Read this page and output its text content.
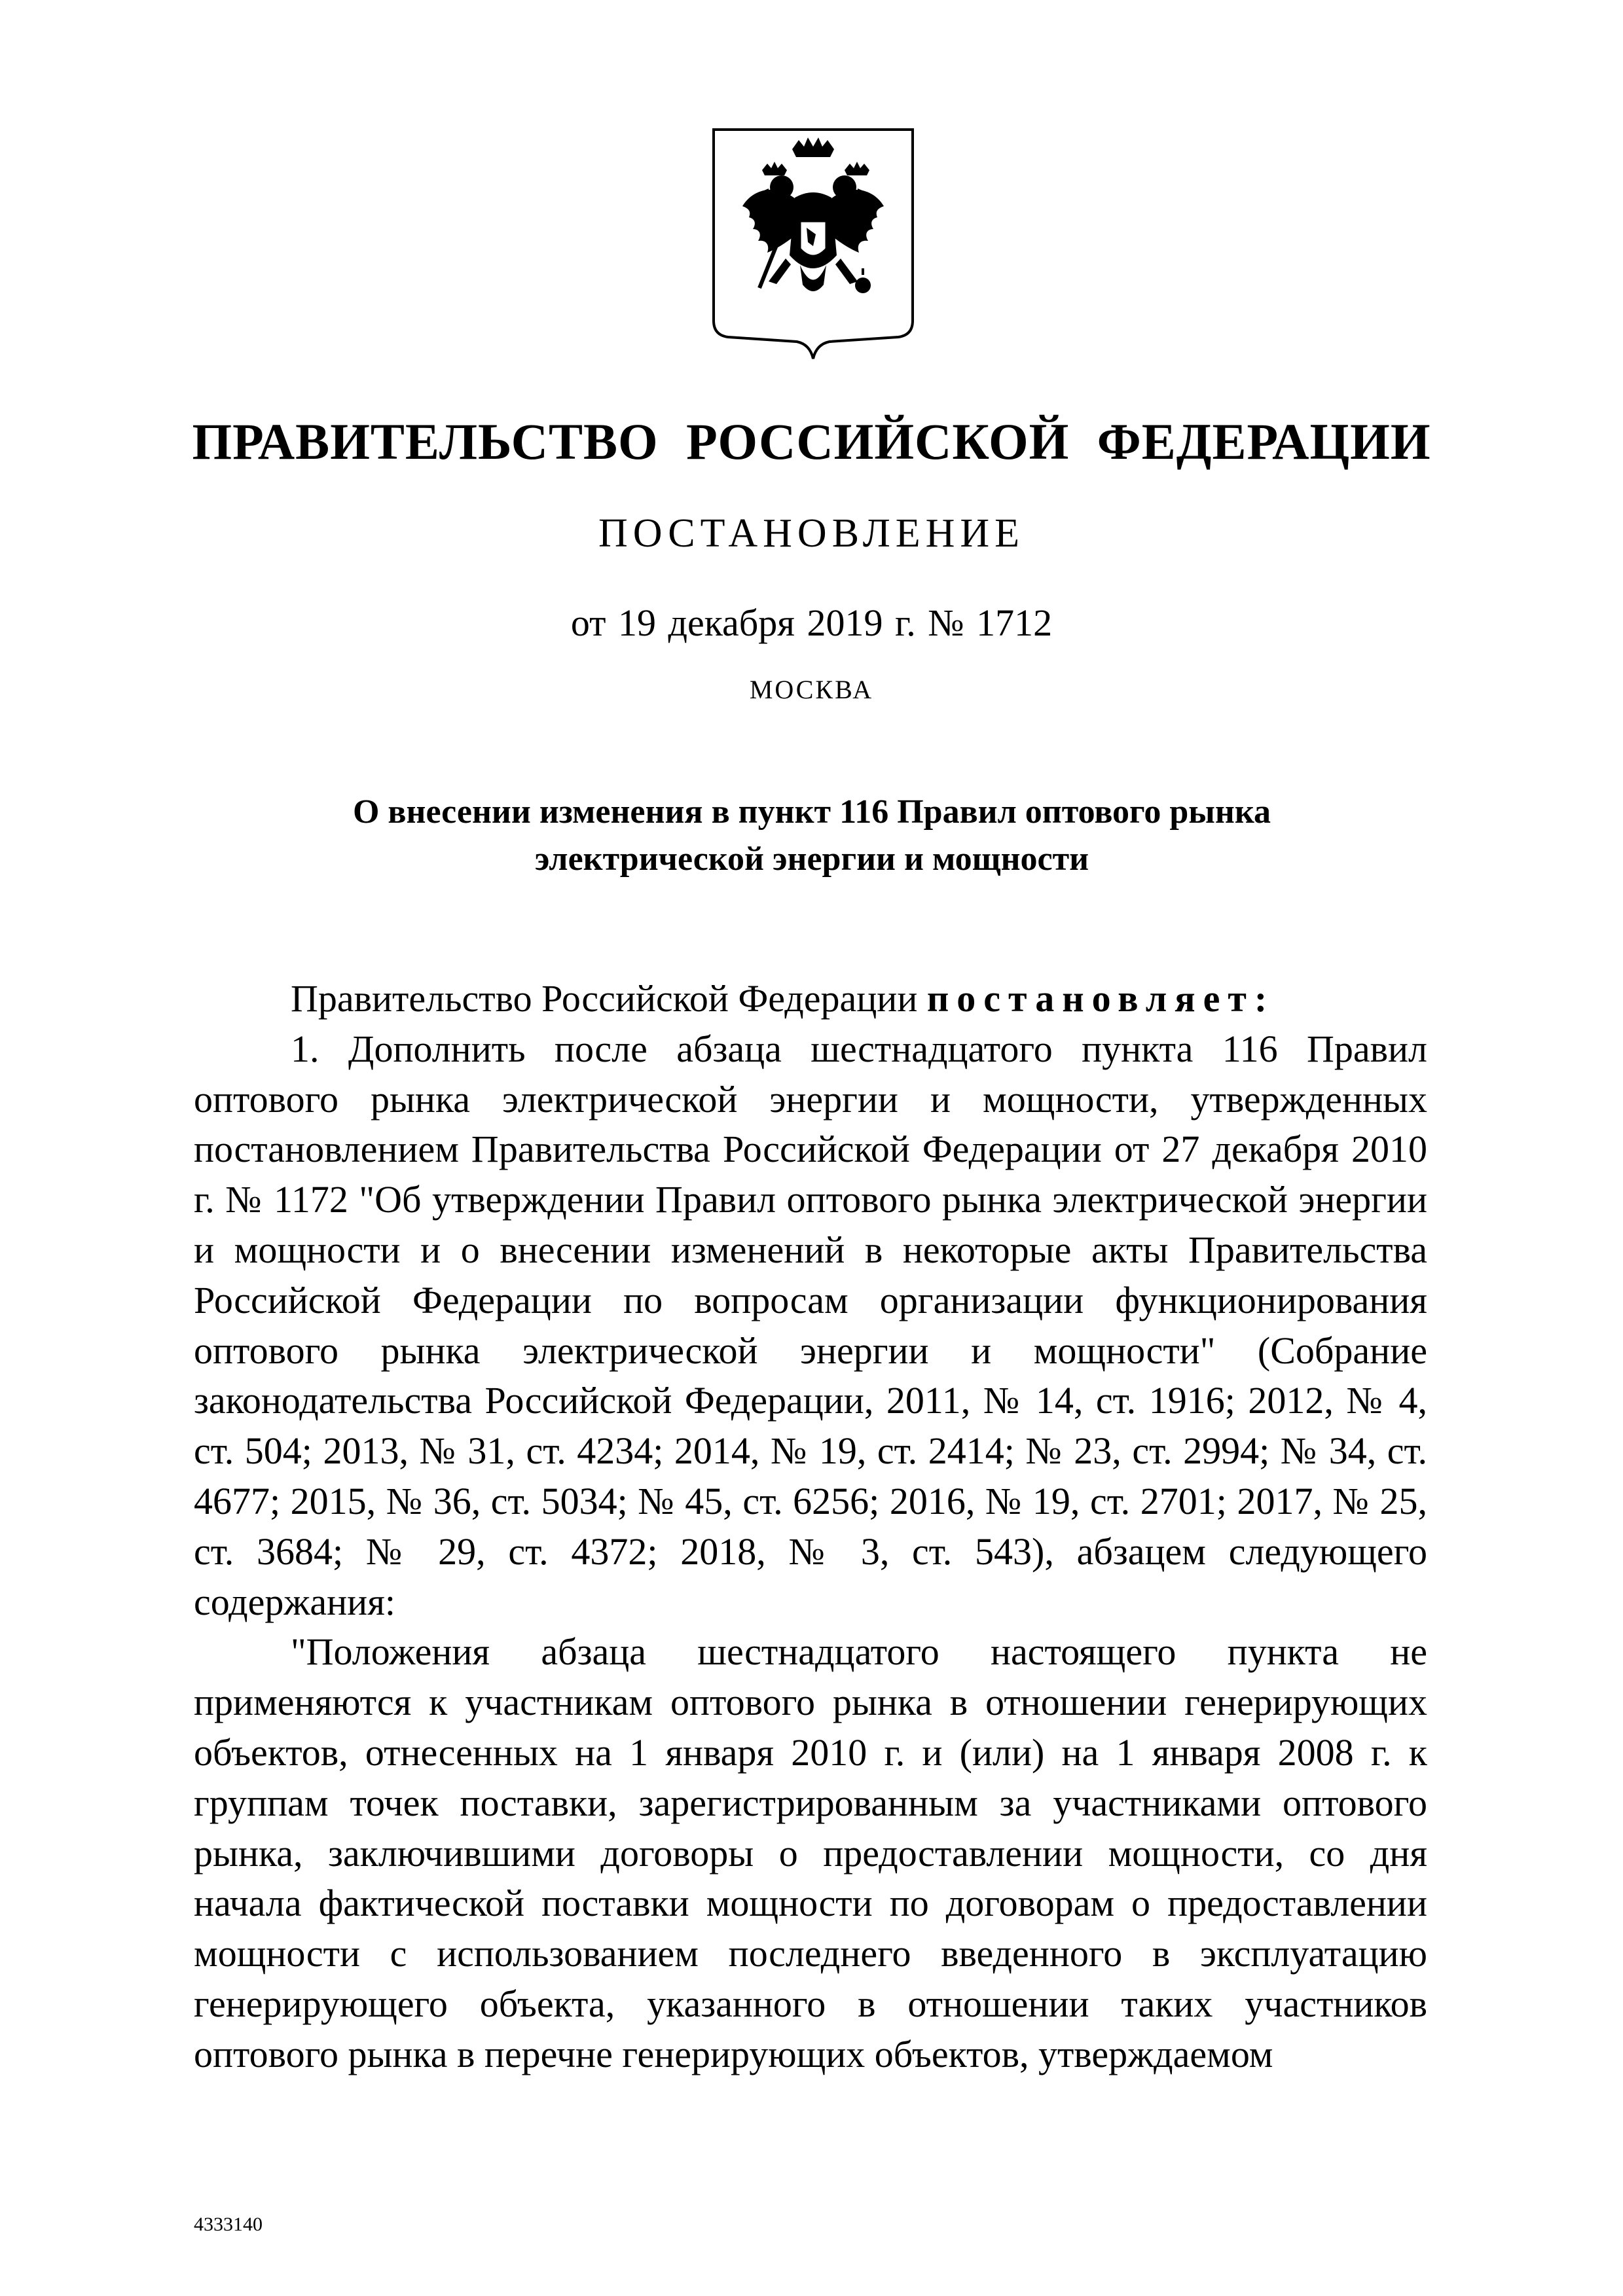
ПРАВИТЕЛЬСТВО РОССИЙСКОЙ ФЕДЕРАЦИИ
ПОСТАНОВЛЕНИЕ
от 19 декабря 2019 г. № 1712
МОСКВА
О внесении изменения в пункт 116 Правил оптового рынка
электрической энергии и мощности

Правительство Российской Федерации постановляет:

1. Дополнить после абзаца шестнадцатого пункта 116 Правил оптового рынка электрической энергии и мощности, утвержденных постановлением Правительства Российской Федерации от 27 декабря 2010 г. № 1172 "Об утверждении Правил оптового рынка электрической энергии и мощности и о внесении изменений в некоторые акты Правительства Российской Федерации по вопросам организации функционирования оптового рынка электрической энергии и мощности" (Собрание законодательства Российской Федерации, 2011, № 14, ст. 1916; 2012, № 4, ст. 504; 2013, № 31, ст. 4234; 2014, № 19, ст. 2414; № 23, ст. 2994; № 34, ст. 4677; 2015, № 36, ст. 5034; № 45, ст. 6256; 2016, № 19, ст. 2701; 2017, № 25, ст. 3684; № 29, ст. 4372; 2018, № 3, ст. 543), абзацем следующего содержания:

"Положения абзаца шестнадцатого настоящего пункта не применяются к участникам оптового рынка в отношении генерирующих объектов, отнесенных на 1 января 2010 г. и (или) на 1 января 2008 г. к группам точек поставки, зарегистрированным за участниками оптового рынка, заключившими договоры о предоставлении мощности, со дня начала фактической поставки мощности по договорам о предоставлении мощности с использованием последнего введенного в эксплуатацию генерирующего объекта, указанного в отношении таких участников оптового рынка в перечне генерирующих объектов, утверждаемом

4333140
